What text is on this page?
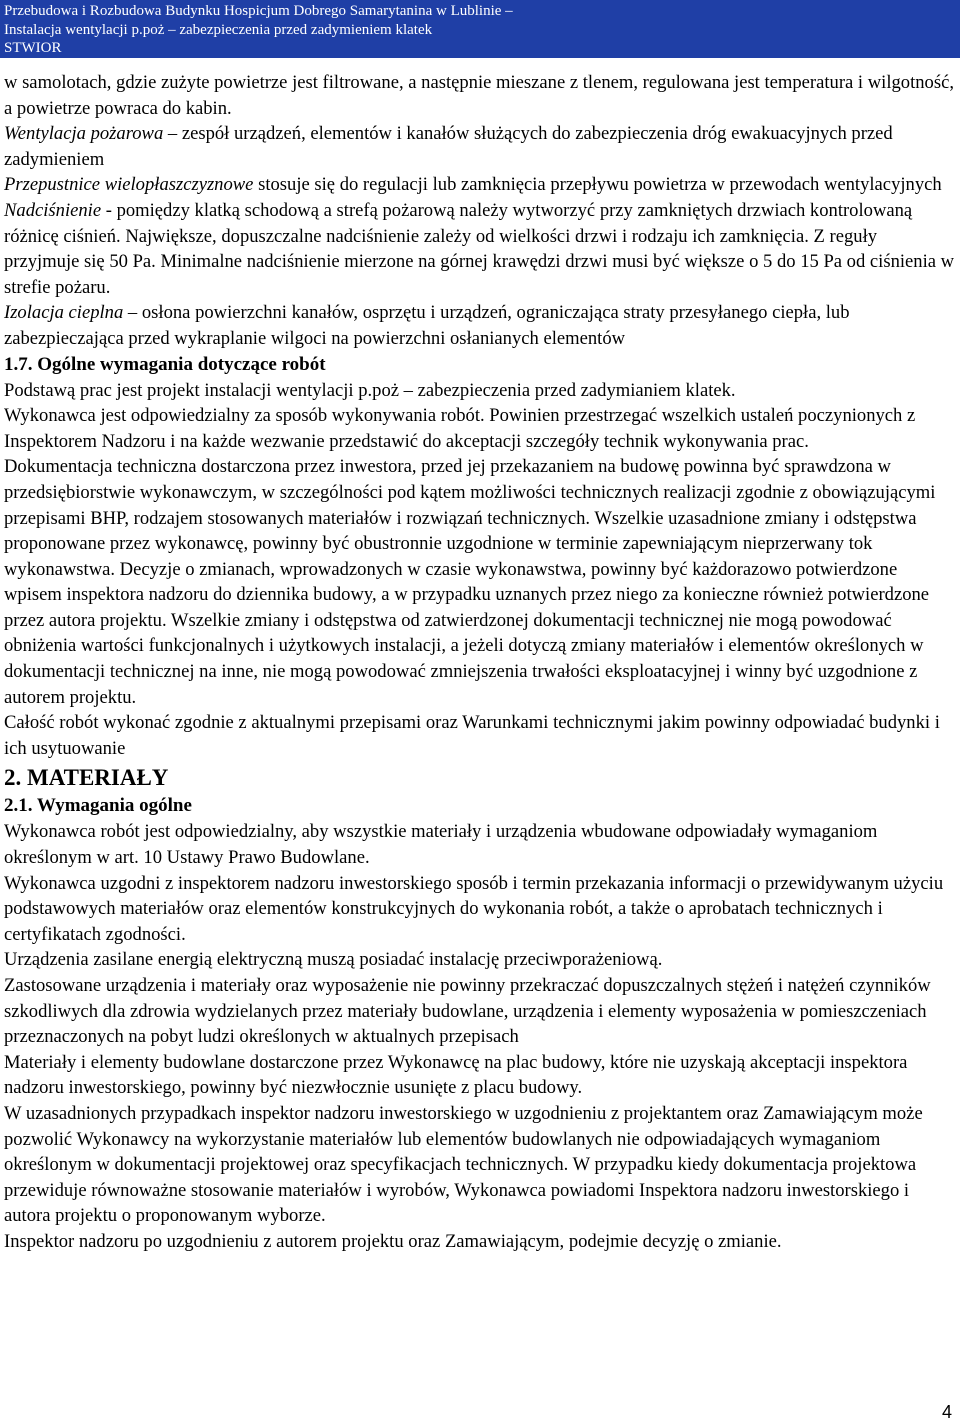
Przebudowa i Rozbudowa Budynku Hospicjum Dobrego Samarytanina w Lublinie –
Instalacja wentylacji p.poż – zabezpieczenia przed zadymieniem klatek
STWIOR

w samolotach, gdzie zużyte powietrze jest filtrowane, a następnie mieszane z tlenem, regulowana jest temperatura i wilgotność, a powietrze powraca do kabin.

Wentylacja pożarowa – zespół urządzeń, elementów i kanałów służących do zabezpieczenia dróg ewakuacyjnych przed zadymieniem

Przepustnice wielopłaszczyznowe stosuje się do regulacji lub zamknięcia przepływu powietrza w przewodach wentylacyjnych

Nadciśnienie - pomiędzy klatką schodową a strefą pożarową należy wytworzyć przy zamkniętych drzwiach kontrolowaną różnicę ciśnień. Największe, dopuszczalne nadciśnienie zależy od wielkości drzwi i rodzaju ich zamknięcia. Z reguły przyjmuje się 50 Pa. Minimalne nadciśnienie mierzone na górnej krawędzi drzwi musi być większe o 5 do 15 Pa od ciśnienia w strefie pożaru.

Izolacja cieplna – osłona powierzchni kanałów, osprzętu i urządzeń, ograniczająca straty przesyłanego ciepła, lub zabezpieczająca przed wykraplanie wilgoci na powierzchni osłanianych elementów

1.7. Ogólne wymagania dotyczące robót

Podstawą prac jest projekt instalacji wentylacji p.poż – zabezpieczenia przed zadymianiem klatek.

Wykonawca jest odpowiedzialny za sposób wykonywania robót. Powinien przestrzegać wszelkich ustaleń poczynionych z Inspektorem Nadzoru i na każde wezwanie przedstawić do akceptacji szczegóły technik wykonywania prac.

Dokumentacja techniczna dostarczona przez inwestora, przed jej przekazaniem na budowę powinna być sprawdzona w przedsiębiorstwie wykonawczym, w szczególności pod kątem możliwości technicznych realizacji zgodnie z obowiązującymi przepisami BHP, rodzajem stosowanych materiałów i rozwiązań technicznych. Wszelkie uzasadnione zmiany i odstępstwa proponowane przez wykonawcę, powinny być obustronnie uzgodnione w terminie zapewniającym nieprzerwany tok wykonawstwa. Decyzje o zmianach, wprowadzonych w czasie wykonawstwa, powinny być każdorazowo potwierdzone wpisem inspektora nadzoru do dziennika budowy, a w przypadku uznanych przez niego za konieczne również potwierdzone przez autora projektu. Wszelkie zmiany i odstępstwa od zatwierdzonej dokumentacji technicznej nie mogą powodować obniżenia wartości funkcjonalnych i użytkowych instalacji, a jeżeli dotyczą zmiany materiałów i elementów określonych w dokumentacji technicznej na inne, nie mogą powodować zmniejszenia trwałości eksploatacyjnej i winny być uzgodnione z autorem projektu.

Całość robót wykonać zgodnie z aktualnymi przepisami oraz Warunkami technicznymi jakim powinny odpowiadać budynki i ich usytuowanie

2. MATERIAŁY
2.1. Wymagania ogólne

Wykonawca robót jest odpowiedzialny, aby wszystkie materiały i urządzenia wbudowane odpowiadały wymaganiom określonym w art. 10 Ustawy Prawo Budowlane.

Wykonawca uzgodni z inspektorem nadzoru inwestorskiego sposób i termin przekazania informacji o przewidywanym użyciu podstawowych materiałów oraz elementów konstrukcyjnych do wykonania robót, a także o aprobatach technicznych i certyfikatach zgodności.

Urządzenia zasilane energią elektryczną muszą posiadać instalację przeciwporażeniową.

Zastosowane urządzenia i materiały oraz wyposażenie nie powinny przekraczać dopuszczalnych stężeń i natężeń czynników szkodliwych dla zdrowia wydzielanych przez materiały budowlane, urządzenia i elementy wyposażenia w pomieszczeniach przeznaczonych na pobyt ludzi określonych w aktualnych przepisach

Materiały i elementy budowlane dostarczone przez Wykonawcę na plac budowy, które nie uzyskają akceptacji inspektora nadzoru inwestorskiego, powinny być niezwłocznie usunięte z placu budowy.

W uzasadnionych przypadkach inspektor nadzoru inwestorskiego w uzgodnieniu z projektantem oraz Zamawiającym może pozwolić Wykonawcy na wykorzystanie materiałów lub elementów budowlanych nie odpowiadających wymaganiom określonym w dokumentacji projektowej oraz specyfikacjach technicznych. W przypadku kiedy dokumentacja projektowa przewiduje równoważne stosowanie materiałów i wyrobów, Wykonawca powiadomi Inspektora nadzoru inwestorskiego i autora projektu o proponowanym wyborze.

Inspektor nadzoru po uzgodnieniu z autorem projektu oraz Zamawiającym, podejmie decyzję o zmianie.

4
